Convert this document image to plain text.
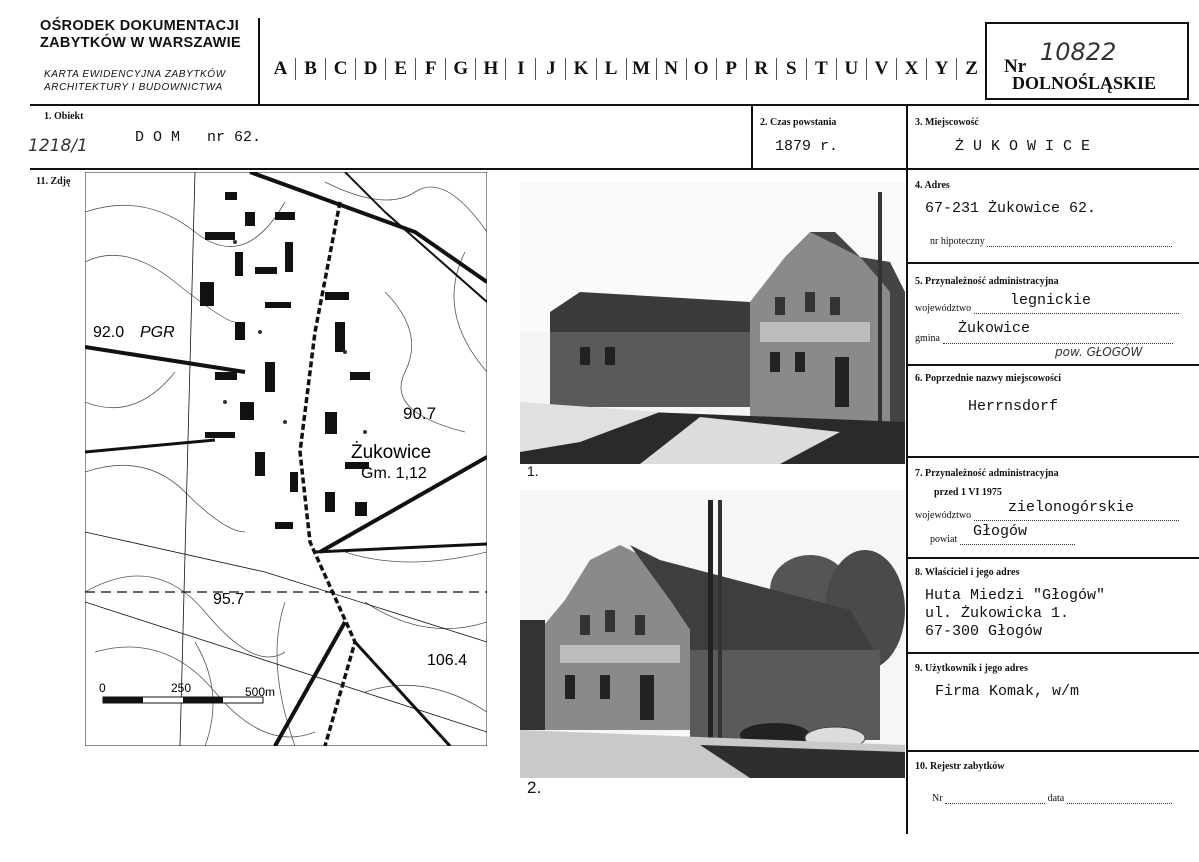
OŚRODEK DOKUMENTACJI
ZABYTKÓW W WARSZAWIE
KARTA EWIDENCYJNA ZABYTKÓW
ARCHITEKTURY I BUDOWNICTWA
A B C D E F G H I	J K L M N O P R S T U V X Y Z	Nr
10822
DOLNOŚLĄSKIE
1. Obiekt
1218/1	D O M   nr 62.
2. Czas powstania
1879 r.
3. Miejscowość
Ż U K O W I C E
11. Zdję
92.0 PGR
90.7
Żukowice
Gm. 1,12
95.7
106.4
0	250	500m
1.
2.
4. Adres
67-231 Żukowice 62.
nr hipoteczny
5. Przynależność administracyjna
województwo	legnickie
gmina
Żukowice
pow. GŁOGÓW
6. Poprzednie nazwy miejscowości
Herrnsdorf
7. Przynależność administracyjna
przed 1 VI 1975
województwo	zielonogórskie
powiat	Głogów
8. Właściciel i jego adres
Huta Miedzi "Głogów"
ul. Żukowicka 1.
67-300 Głogów
9. Użytkownik i jego adres
Firma Komak, w/m
10. Rejestr zabytków
Nr	data
